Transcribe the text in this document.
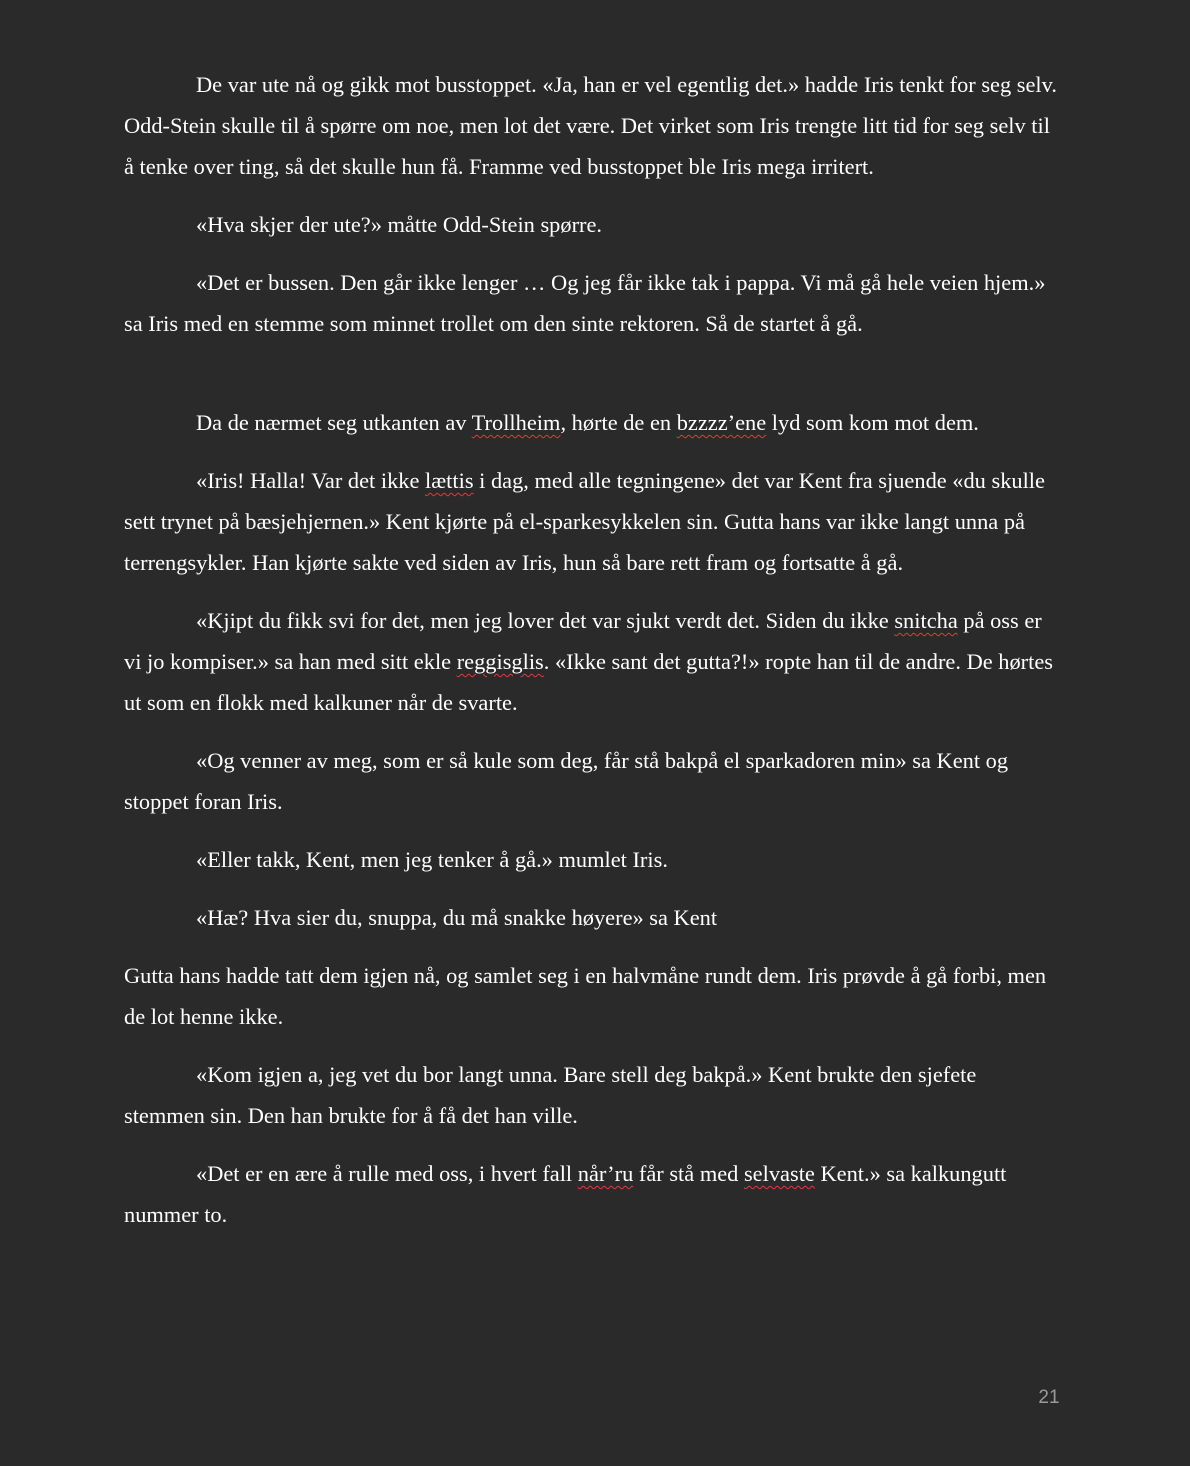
De var ute nå og gikk mot busstoppet. «Ja, han er vel egentlig det.» hadde Iris tenkt for seg selv. Odd-Stein skulle til å spørre om noe, men lot det være. Det virket som Iris trengte litt tid for seg selv til å tenke over ting, så det skulle hun få. Framme ved busstoppet ble Iris mega irritert.

«Hva skjer der ute?» måtte Odd-Stein spørre.

«Det er bussen. Den går ikke lenger … Og jeg får ikke tak i pappa. Vi må gå hele veien hjem.» sa Iris med en stemme som minnet trollet om den sinte rektoren. Så de startet å gå.

Da de nærmet seg utkanten av Trollheim, hørte de en bzzzz’ene lyd som kom mot dem.

«Iris! Halla! Var det ikke lættis i dag, med alle tegningene» det var Kent fra sjuende «du skulle sett trynet på bæsjehjernen.» Kent kjørte på el-sparkesykkelen sin. Gutta hans var ikke langt unna på terrengsykler. Han kjørte sakte ved siden av Iris, hun så bare rett fram og fortsatte å gå.

«Kjipt du fikk svi for det, men jeg lover det var sjukt verdt det. Siden du ikke snitcha på oss er vi jo kompiser.» sa han med sitt ekle reggisglis. «Ikke sant det gutta?!» ropte han til de andre. De hørtes ut som en flokk med kalkuner når de svarte.

«Og venner av meg, som er så kule som deg, får stå bakpå el sparkadoren min» sa Kent og stoppet foran Iris.

«Eller takk, Kent, men jeg tenker å gå.» mumlet Iris.

«Hæ? Hva sier du, snuppa, du må snakke høyere» sa Kent

Gutta hans hadde tatt dem igjen nå, og samlet seg i en halvmåne rundt dem. Iris prøvde å gå forbi, men de lot henne ikke.

«Kom igjen a, jeg vet du bor langt unna. Bare stell deg bakpå.» Kent brukte den sjefete stemmen sin. Den han brukte for å få det han ville.

«Det er en ære å rulle med oss, i hvert fall når’ru får stå med selvaste Kent.» sa kalkungutt nummer to.

21
